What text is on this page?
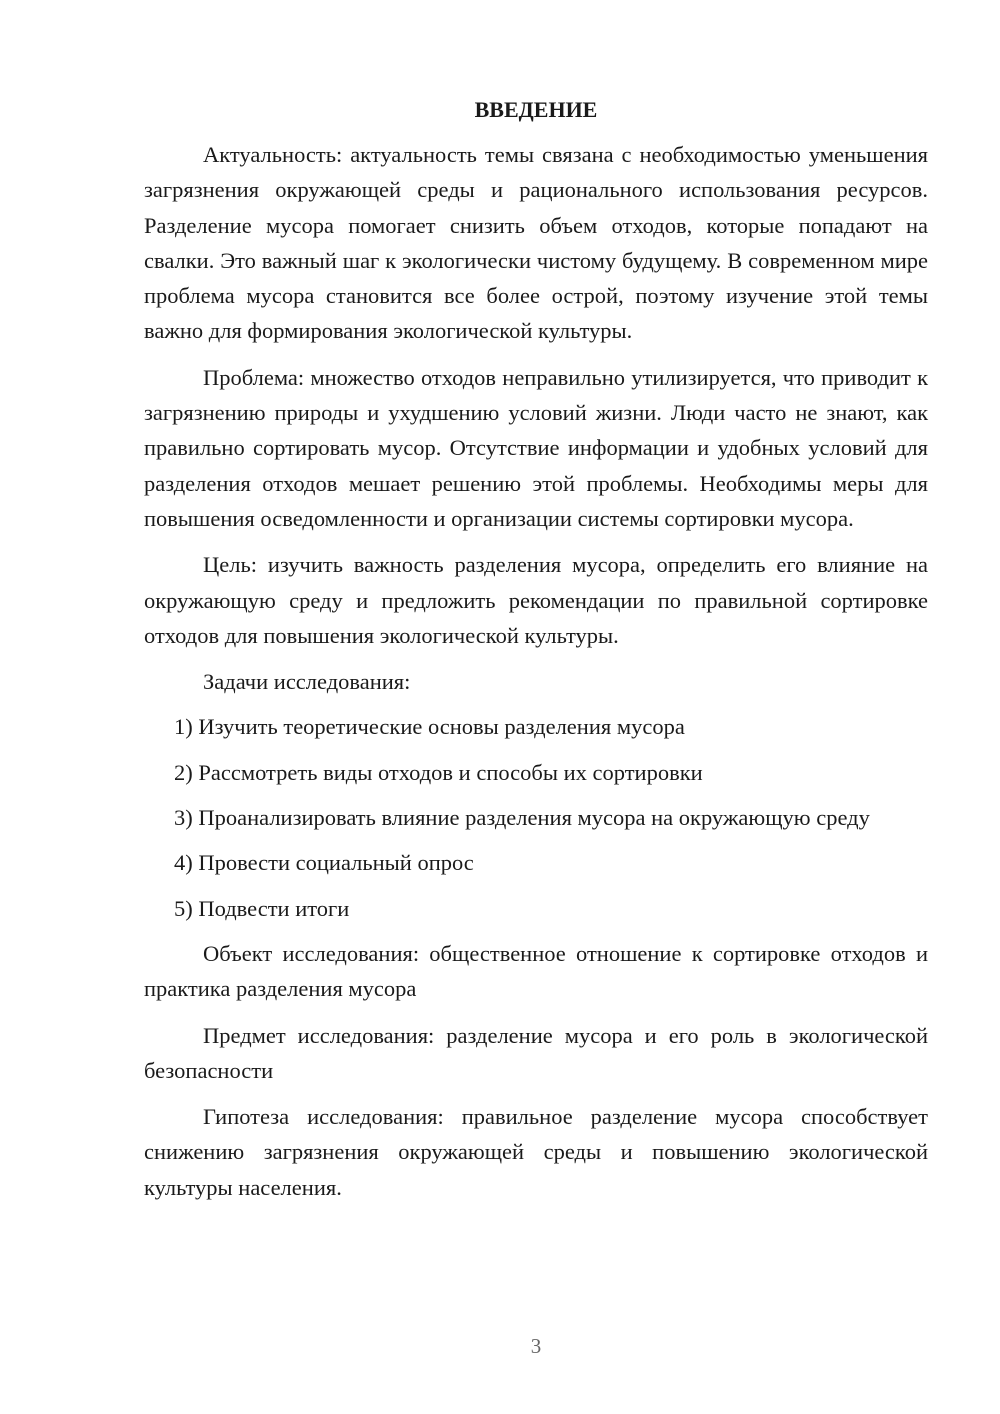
ВВЕДЕНИЕ

Актуальность: актуальность темы связана с необходимостью уменьшения загрязнения окружающей среды и рационального использования ресурсов. Разделение мусора помогает снизить объем отходов, которые попадают на свалки. Это важный шаг к экологически чистому будущему. В современном мире проблема мусора становится все более острой, поэтому изучение этой темы важно для формирования экологической культуры.

Проблема: множество отходов неправильно утилизируется, что приводит к загрязнению природы и ухудшению условий жизни. Люди часто не знают, как правильно сортировать мусор. Отсутствие информации и удобных условий для разделения отходов мешает решению этой проблемы. Необходимы меры для повышения осведомленности и организации системы сортировки мусора.

Цель: изучить важность разделения мусора, определить его влияние на окружающую среду и предложить рекомендации по правильной сортировке отходов для повышения экологической культуры.

Задачи исследования:

1) Изучить теоретические основы разделения мусора

2) Рассмотреть виды отходов и способы их сортировки

3) Проанализировать влияние разделения мусора на окружающую среду

4) Провести социальный опрос

5) Подвести итоги

Объект исследования: общественное отношение к сортировке отходов и практика разделения мусора

Предмет исследования: разделение мусора и его роль в экологической безопасности

Гипотеза исследования: правильное разделение мусора способствует снижению загрязнения окружающей среды и повышению экологической культуры населения.

3
